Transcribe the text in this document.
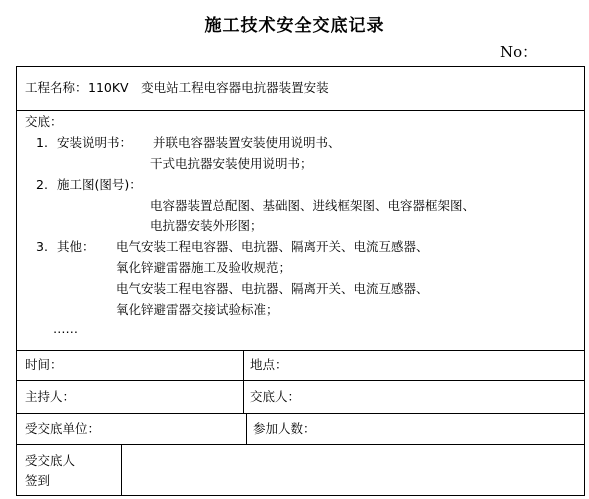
施工技术安全交底记录
No：
工程名称： 110KV　变电站工程电容器电抗器装置安装
交底：
1. 安装说明书： 并联电容器装置安装使用说明书、
干式电抗器安装使用说明书；
2. 施工图(图号)：
电容器装置总配图、基础图、进线框架图、电容器框架图、
电抗器安装外形图；
3. 其他： 电气安装工程电容器、电抗器、隔离开关、电流互感器、
氧化锌避雷器施工及验收规范；
电气安装工程电容器、电抗器、隔离开关、电流互感器、
氧化锌避雷器交接试验标准；
……
时间：	地点：
主持人：	交底人：
受交底单位：	参加人数：
受交底人
签到
